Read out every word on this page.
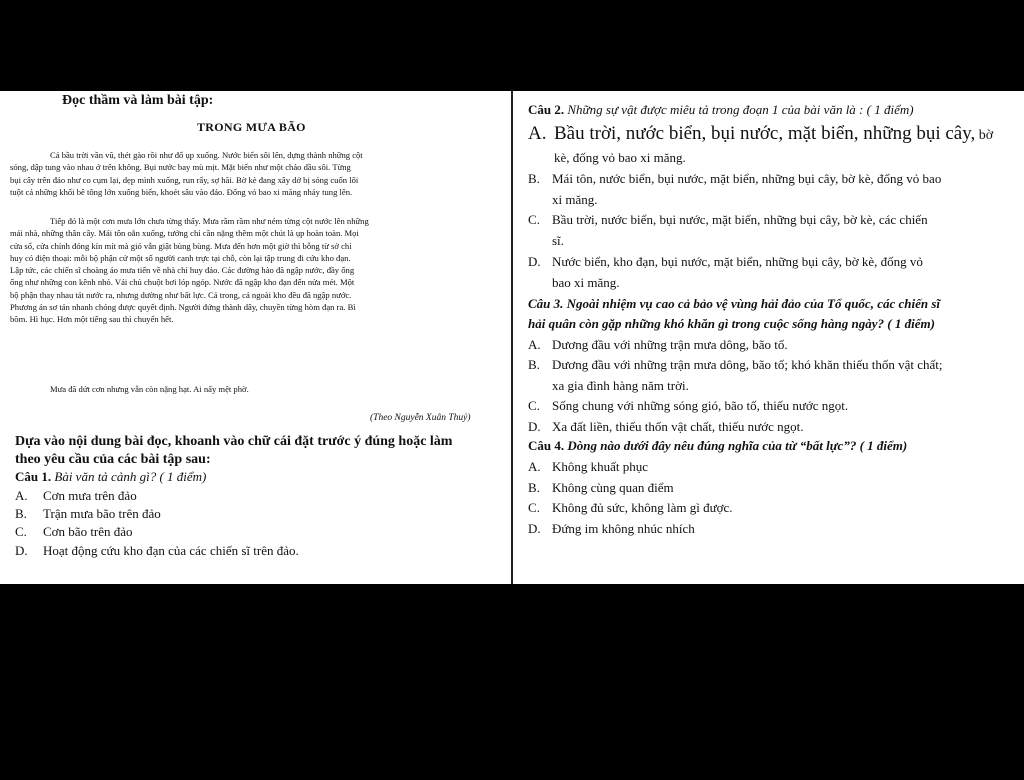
Đọc thầm và làm bài tập:
TRONG MƯA BÃO
Cả bầu trời vần vũ, thét gào rồi như đổ ụp xuống. Nước biển sôi lên, dựng thành những cột
sóng, dập tung vào nhau ở trên không. Bụi nước bay mù mịt. Mặt biển như một chảo dầu sôi. Từng
bụi cây trên đảo như co cụm lại, dẹp mình xuống, run rẩy, sợ hãi. Bờ kè đang xây dở bị sóng cuốn lôi
tuột cả những khối bê tông lớn xuống biển, khoét sâu vào đảo. Đống vỏ bao xi măng nhảy tung lên.
Tiếp đó là một cơn mưa lớn chưa từng thấy. Mưa rầm rầm như ném từng cột nước lên những
mái nhà, những thân cây. Mái tôn oằn xuống, tưởng chỉ cần nặng thêm một chút là ụp hoàn toàn. Mọi
cửa sổ, cửa chính đóng kín mít mà gió vẫn giật bùng bùng. Mưa đến hơn một giờ thì bỗng từ sở chỉ
huy có điện thoại: mỗi bộ phận cử một số người canh trực tại chỗ, còn lại tập trung đi cứu kho đạn.
Lập tức, các chiến sĩ choàng áo mưa tiến về nhà chỉ huy đảo. Các đường hào đã ngập nước, đầy ống
ống như những con kênh nhỏ. Vải chủ chuột bơi lóp ngóp. Nước đã ngập kho đạn đến nửa mét. Một
bộ phận thay nhau tát nước ra, nhưng dường như bất lực. Cả trong, cả ngoài kho đều đã ngập nước.
Phương án sơ tán nhanh chóng được quyết định. Người đứng thành dây, chuyền từng hòm đạn ra. Bì
bõm. Hì hục. Hơn một tiếng sau thì chuyển hết.
Mưa đã dứt cơn nhưng vẫn còn nặng hạt. Ai nấy mệt phờ.
(Theo Nguyễn Xuân Thuỷ)
Dựa vào nội dung bài đọc, khoanh vào chữ cái đặt trước ý đúng hoặc làm
theo yêu cầu của các bài tập sau:
Câu 1. Bài văn tả cảnh gì? ( 1 điểm)
A. Cơn mưa trên đảo
B. Trận mưa bão trên đảo
C. Cơn bão trên đảo
D. Hoạt động cứu kho đạn của các chiến sĩ trên đảo.
Câu 2. Những sự vật được miêu tả trong đoạn 1 của bài văn là : ( 1 điểm)
A. Bầu trời, nước biển, bụi nước, mặt biển, những bụi cây, bờ
kè, đống vỏ bao xi măng.
B. Mái tôn, nước biển, bụi nước, mặt biển, những bụi cây, bờ kè, đống vỏ bao
xi măng.
C. Bầu trời, nước biển, bụi nước, mặt biển, những bụi cây, bờ kè, các chiến
sĩ.
D. Nước biển, kho đạn, bụi nước, mặt biển, những bụi cây, bờ kè, đống vỏ
bao xi măng.
Câu 3. Ngoài nhiệm vụ cao cả bảo vệ vùng hải đảo của Tổ quốc, các chiến sĩ
hải quân còn gặp những khó khăn gì trong cuộc sống hàng ngày? ( 1 điểm)
A. Dương đầu với những trận mưa dông, bão tố.
B. Dương đầu với những trận mưa dông, bão tố; khó khăn thiếu thốn vật chất;
xa gia đình hàng năm trời.
C. Sống chung với những sóng gió, bão tố, thiếu nước ngọt.
D. Xa đất liền, thiếu thốn vật chất, thiếu nước ngọt.
Câu 4. Dòng nào dưới đây nêu đúng nghĩa của từ “bất lực”? ( 1 điểm)
A. Không khuất phục
B. Không cùng quan điểm
C. Không đủ sức, không làm gì được.
D. Đứng im không nhúc nhích
